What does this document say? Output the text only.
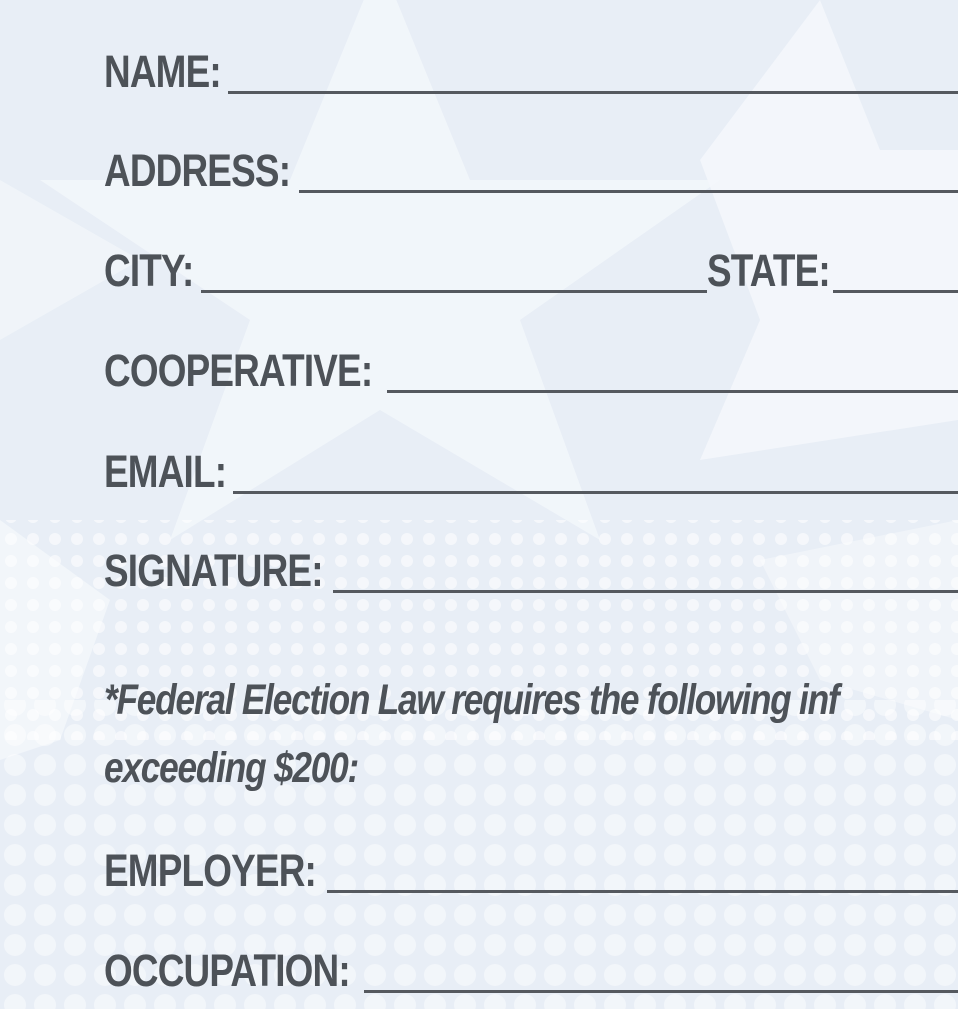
NAME:
ADDRESS:
CITY:	STATE:
COOPERATIVE:
EMAIL:
SIGNATURE:
*Federal Election Law requires the following inf
exceeding $200:
EMPLOYER:
OCCUPATION:
